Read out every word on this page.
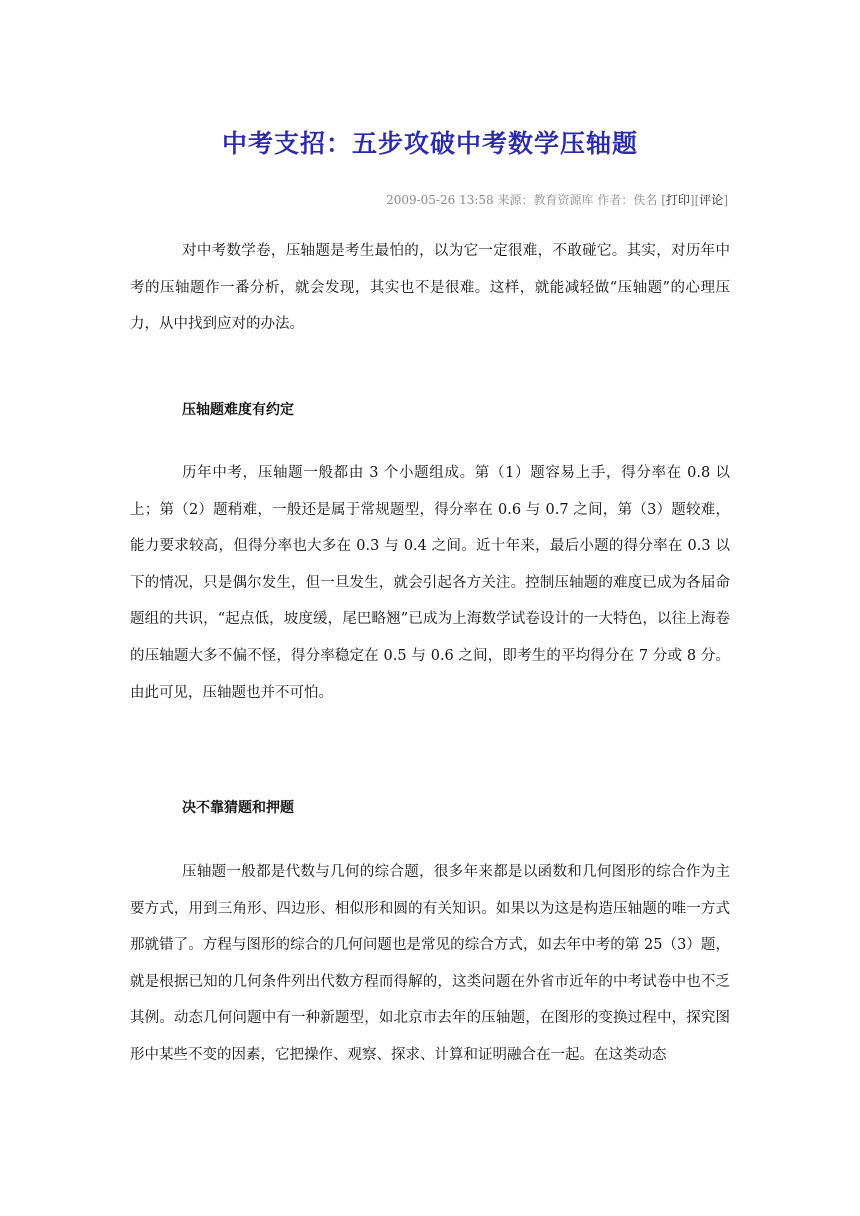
中考支招：五步攻破中考数学压轴题
2009-05-26 13:58 来源：教育资源库 作者：佚名 [打印][评论]

对中考数学卷，压轴题是考生最怕的，以为它一定很难，不敢碰它。其实，对历年中考的压轴题作一番分析，就会发现，其实也不是很难。这样，就能减轻做“压轴题”的心理压力，从中找到应对的办法。

压轴题难度有约定

历年中考，压轴题一般都由 3 个小题组成。第（1）题容易上手，得分率在 0.8 以上；第（2）题稍难，一般还是属于常规题型，得分率在 0.6 与 0.7 之间，第（3）题较难，能力要求较高，但得分率也大多在 0.3 与 0.4 之间。近十年来，最后小题的得分率在 0.3 以下的情况，只是偶尔发生，但一旦发生，就会引起各方关注。控制压轴题的难度已成为各届命题组的共识，“起点低，坡度缓，尾巴略翘”已成为上海数学试卷设计的一大特色，以往上海卷的压轴题大多不偏不怪，得分率稳定在 0.5 与 0.6 之间，即考生的平均得分在 7 分或 8 分。由此可见，压轴题也并不可怕。

决不靠猜题和押题

压轴题一般都是代数与几何的综合题，很多年来都是以函数和几何图形的综合作为主要方式，用到三角形、四边形、相似形和圆的有关知识。如果以为这是构造压轴题的唯一方式那就错了。方程与图形的综合的几何问题也是常见的综合方式，如去年中考的第 25（3）题，就是根据已知的几何条件列出代数方程而得解的，这类问题在外省市近年的中考试卷中也不乏其例。动态几何问题中有一种新题型，如北京市去年的压轴题，在图形的变换过程中，探究图形中某些不变的因素，它把操作、观察、探求、计算和证明融合在一起。在这类动态
